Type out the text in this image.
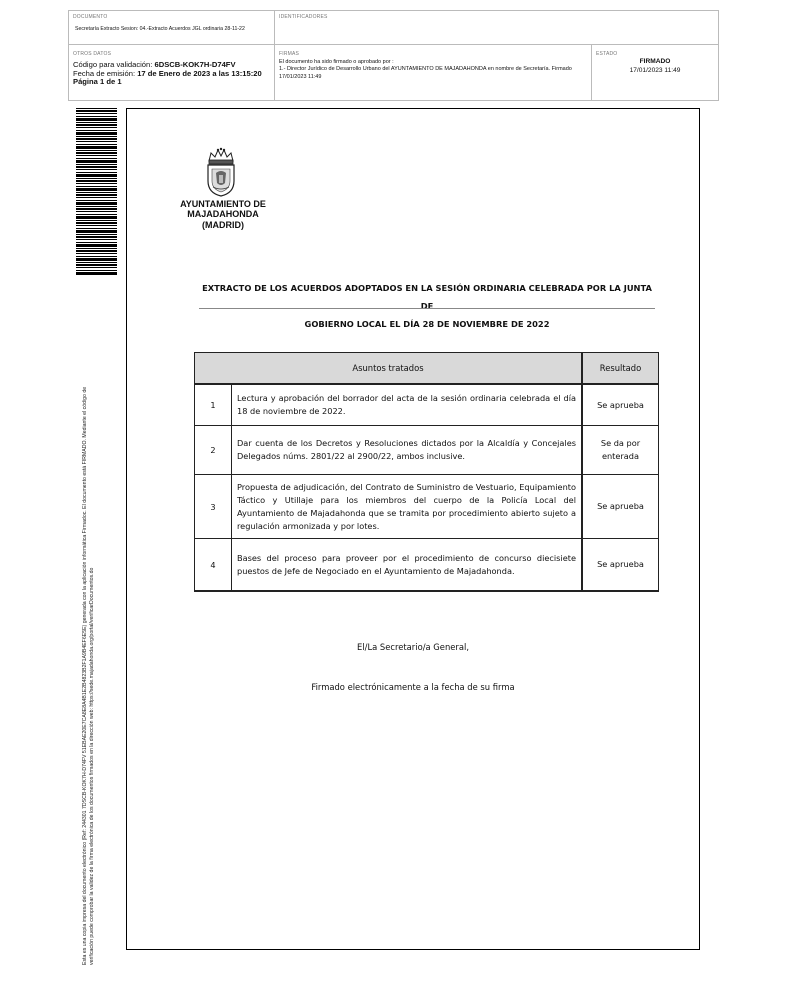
DOCUMENTO
Secretaría Extracto Sesion: 04.-Extracto Acuerdos JGL ordinaria 28-11-22
IDENTIFICADORES
OTROS DATOS
Código para validación: 6DSCB-KOK7H-D74FV
Fecha de emisión: 17 de Enero de 2023 a las 13:15:20
Página 1 de 1
FIRMAS
El documento ha sido firmado o aprobado por :
1.- Director Jurídico de Desarrollo Urbano del AYUNTAMIENTO DE MAJADAHONDA en nombre de Secretaría. Firmado
17/01/2023 11:49
ESTADO
FIRMADO
17/01/2023 11:49
Esta es una copia impresa del documento electrónico (Ref: 244301 7DSCB-KOK7H-D74FV 51EBAE20E7CA8E8A4B1E2B4823B2F1A9B4EF6E5E) generada con la aplicación informática Firmadoc. El documento está FIRMADO. Mediante el código de verificación puede comprobar la validez de la firma electrónica de los documentos firmados en la dirección web: https://sede.majadahonda.org/portal/verificarDocumentos.do
AYUNTAMIENTO DE
MAJADAHONDA
(MADRID)
EXTRACTO DE LOS ACUERDOS ADOPTADOS EN LA SESIÓN ORDINARIA CELEBRADA POR LA JUNTA DE
GOBIERNO LOCAL EL DÍA 28 DE NOVIEMBRE DE 2022
Asuntos tratados		Resultado
1	Lectura y aprobación del borrador del acta de la sesión ordinaria celebrada el día 18 de noviembre de 2022.	Se aprueba
2	Dar cuenta de los Decretos y Resoluciones dictados por la Alcaldía y Concejales Delegados núms. 2801/22 al 2900/22, ambos inclusive.	Se da por enterada
3	Propuesta de adjudicación, del Contrato de Suministro de Vestuario, Equipamiento Táctico y Utillaje para los miembros del cuerpo de la Policía Local del Ayuntamiento de Majadahonda que se tramita por procedimiento abierto sujeto a regulación armonizada y por lotes.	Se aprueba
4	Bases del proceso para proveer por el procedimiento de concurso diecisiete puestos de Jefe de Negociado en el Ayuntamiento de Majadahonda.	Se aprueba
El/La Secretario/a General,
Firmado electrónicamente a la fecha de su firma
